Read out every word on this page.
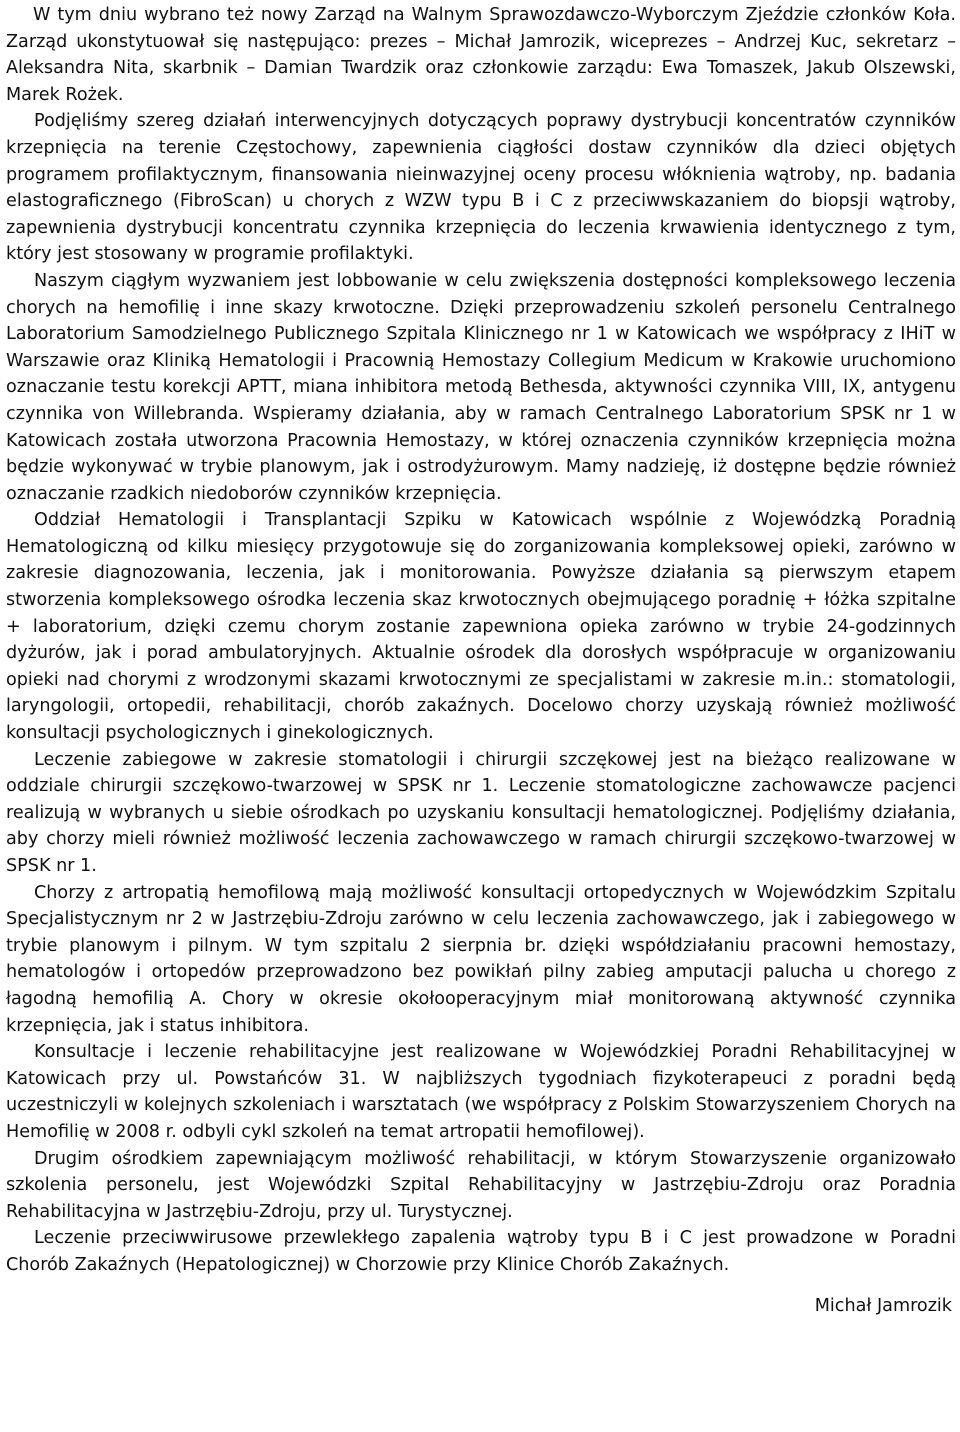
W tym dniu wybrano też nowy Zarząd na Walnym Sprawozdawczo-Wyborczym Zjeździe członków Koła. Zarząd ukonstytuował się następująco: prezes – Michał Jamrozik, wiceprezes – Andrzej Kuc, sekretarz – Aleksandra Nita, skarbnik – Damian Twardzik oraz członkowie zarządu: Ewa Tomaszek, Jakub Olszewski, Marek Rożek.

Podjęliśmy szereg działań interwencyjnych dotyczących poprawy dystrybucji koncentratów czynników krzepnięcia na terenie Częstochowy, zapewnienia ciągłości dostaw czynników dla dzieci objętych programem profilaktycznym, finansowania nieinwazyjnej oceny procesu włóknienia wątroby, np. badania elastograficznego (FibroScan) u chorych z WZW typu B i C z przeciwwskazaniem do biopsji wątroby, zapewnienia dystrybucji koncentratu czynnika krzepnięcia do leczenia krwawienia identycznego z tym, który jest stosowany w programie profilaktyki.

Naszym ciągłym wyzwaniem jest lobbowanie w celu zwiększenia dostępności kompleksowego leczenia chorych na hemofilię i inne skazy krwotoczne. Dzięki przeprowadzeniu szkoleń personelu Centralnego Laboratorium Samodzielnego Publicznego Szpitala Klinicznego nr 1 w Katowicach we współpracy z IHiT w Warszawie oraz Kliniką Hematologii i Pracownią Hemostazy Collegium Medicum w Krakowie uruchomiono oznaczanie testu korekcji APTT, miana inhibitora metodą Bethesda, aktywności czynnika VIII, IX, antygenu czynnika von Willebranda. Wspieramy działania, aby w ramach Centralnego Laboratorium SPSK nr 1 w Katowicach została utworzona Pracownia Hemostazy, w której oznaczenia czynników krzepnięcia można będzie wykonywać w trybie planowym, jak i ostrodyżurowym. Mamy nadzieję, iż dostępne będzie również oznaczanie rzadkich niedoborów czynników krzepnięcia.

Oddział Hematologii i Transplantacji Szpiku w Katowicach wspólnie z Wojewódzką Poradnią Hematologiczną od kilku miesięcy przygotowuje się do zorganizowania kompleksowej opieki, zarówno w zakresie diagnozowania, leczenia, jak i monitorowania. Powyższe działania są pierwszym etapem stworzenia kompleksowego ośrodka leczenia skaz krwotocznych obejmującego poradnię + łóżka szpitalne + laboratorium, dzięki czemu chorym zostanie zapewniona opieka zarówno w trybie 24-godzinnych dyżurów, jak i porad ambulatoryjnych. Aktualnie ośrodek dla dorosłych współpracuje w organizowaniu opieki nad chorymi z wrodzonymi skazami krwotocznymi ze specjalistami w zakresie m.in.: stomatologii, laryngologii, ortopedii, rehabilitacji, chorób zakaźnych. Docelowo chorzy uzyskają również możliwość konsultacji psychologicznych i ginekologicznych.

Leczenie zabiegowe w zakresie stomatologii i chirurgii szczękowej jest na bieżąco realizowane w oddziale chirurgii szczękowo-twarzowej w SPSK nr 1. Leczenie stomatologiczne zachowawcze pacjenci realizują w wybranych u siebie ośrodkach po uzyskaniu konsultacji hematologicznej. Podjęliśmy działania, aby chorzy mieli również możliwość leczenia zachowawczego w ramach chirurgii szczękowo-twarzowej w SPSK nr 1.

Chorzy z artropatią hemofilową mają możliwość konsultacji ortopedycznych w Wojewódzkim Szpitalu Specjalistycznym nr 2 w Jastrzębiu-Zdroju zarówno w celu leczenia zachowawczego, jak i zabiegowego w trybie planowym i pilnym. W tym szpitalu 2 sierpnia br. dzięki współdziałaniu pracowni hemostazy, hematologów i ortopedów przeprowadzono bez powikłań pilny zabieg amputacji palucha u chorego z łagodną hemofilią A. Chory w okresie okołooperacyjnym miał monitorowaną aktywność czynnika krzepnięcia, jak i status inhibitora.

Konsultacje i leczenie rehabilitacyjne jest realizowane w Wojewódzkiej Poradni Rehabilitacyjnej w Katowicach przy ul. Powstańców 31. W najbliższych tygodniach fizykoterapeuci z poradni będą uczestniczyli w kolejnych szkoleniach i warsztatach (we współpracy z Polskim Stowarzyszeniem Chorych na Hemofilię w 2008 r. odbyli cykl szkoleń na temat artropatii hemofilowej).

Drugim ośrodkiem zapewniającym możliwość rehabilitacji, w którym Stowarzyszenie organizowało szkolenia personelu, jest Wojewódzki Szpital Rehabilitacyjny w Jastrzębiu-Zdroju oraz Poradnia Rehabilitacyjna w Jastrzębiu-Zdroju, przy ul. Turystycznej.

Leczenie przeciwwirusowe przewlekłego zapalenia wątroby typu B i C jest prowadzone w Poradni Chorób Zakaźnych (Hepatologicznej) w Chorzowie przy Klinice Chorób Zakaźnych.

Michał Jamrozik
